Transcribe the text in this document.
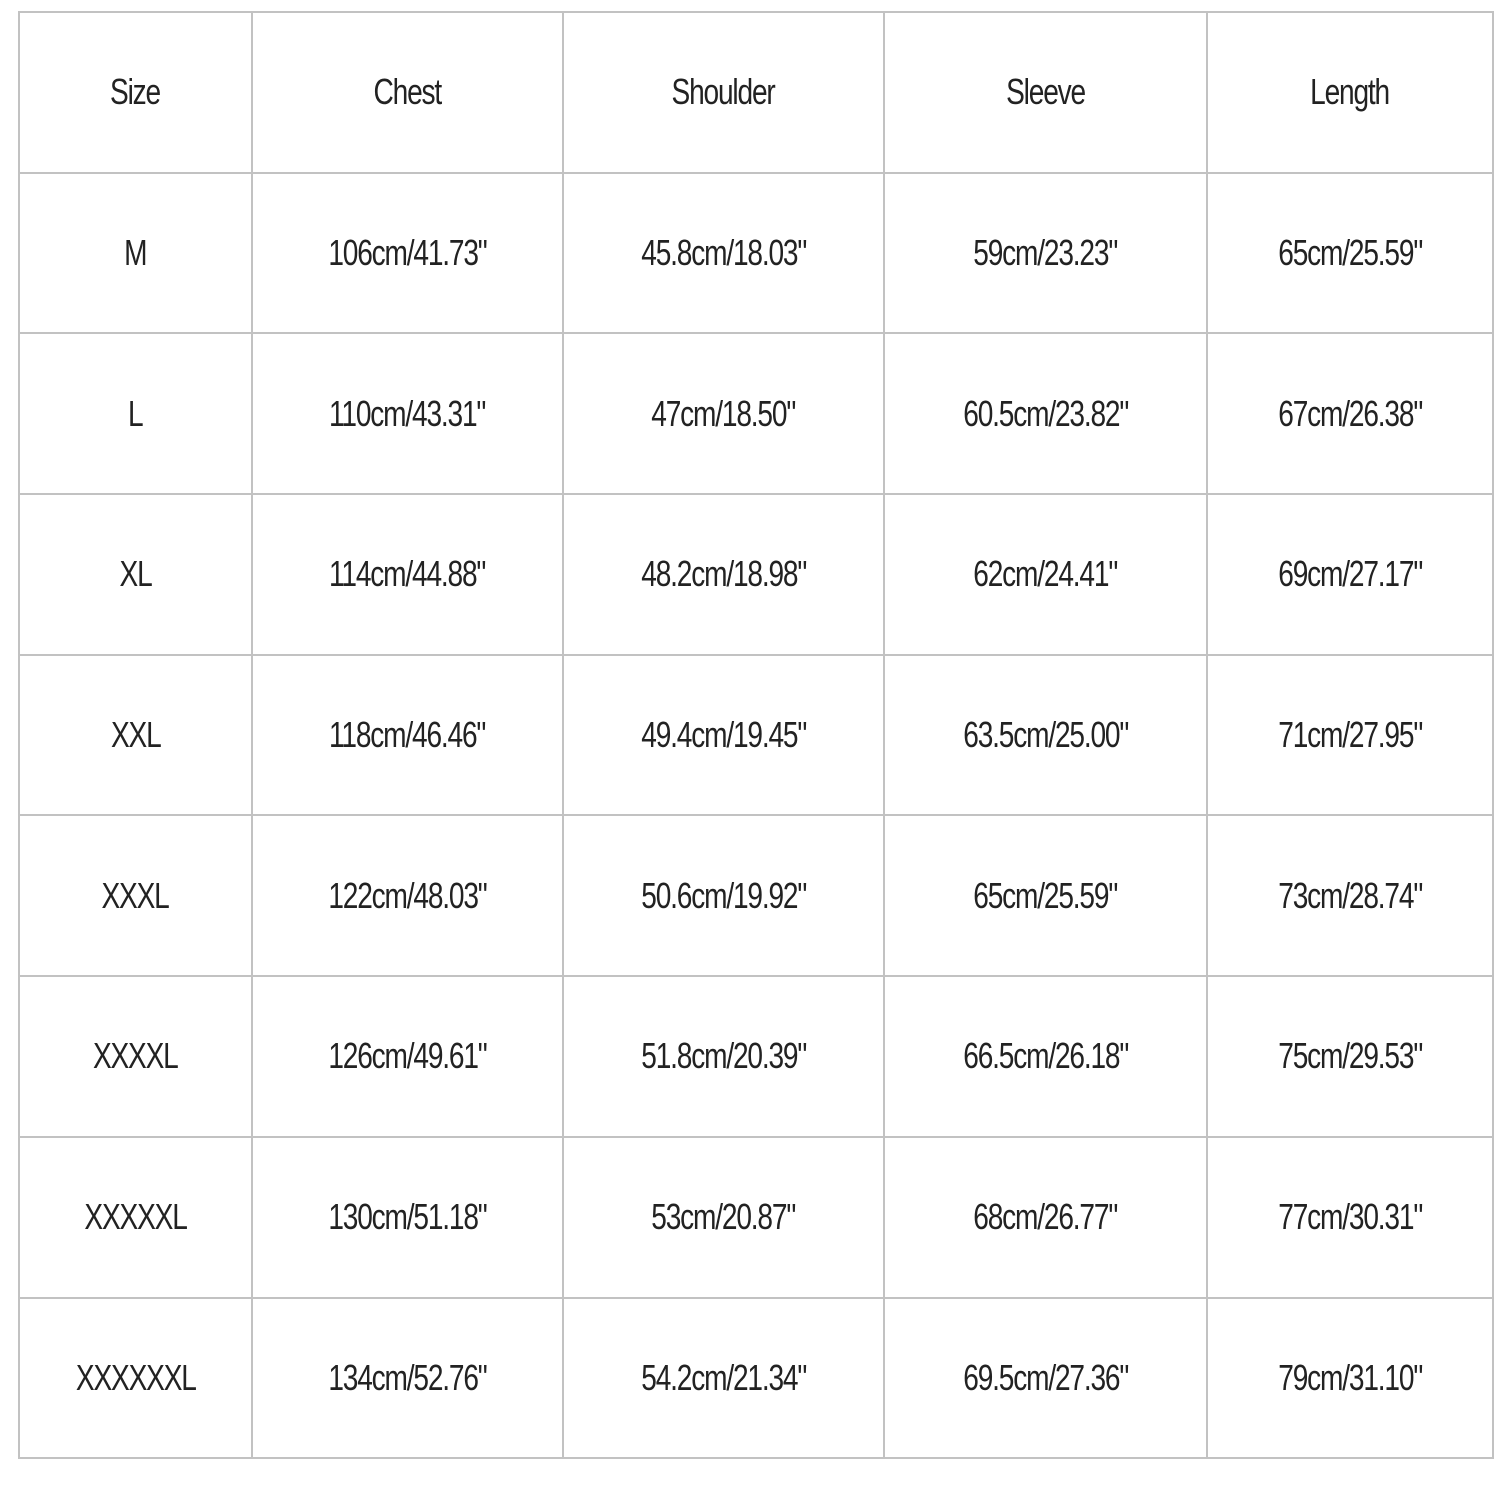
Size	Chest	Shoulder	Sleeve	Length
M	106cm/41.73"	45.8cm/18.03"	59cm/23.23"	65cm/25.59"
L	110cm/43.31"	47cm/18.50"	60.5cm/23.82"	67cm/26.38"
XL	114cm/44.88"	48.2cm/18.98"	62cm/24.41"	69cm/27.17"
XXL	118cm/46.46"	49.4cm/19.45"	63.5cm/25.00"	71cm/27.95"
XXXL	122cm/48.03"	50.6cm/19.92"	65cm/25.59"	73cm/28.74"
XXXXL	126cm/49.61"	51.8cm/20.39"	66.5cm/26.18"	75cm/29.53"
XXXXXL	130cm/51.18"	53cm/20.87"	68cm/26.77"	77cm/30.31"
XXXXXXL	134cm/52.76"	54.2cm/21.34"	69.5cm/27.36"	79cm/31.10"
